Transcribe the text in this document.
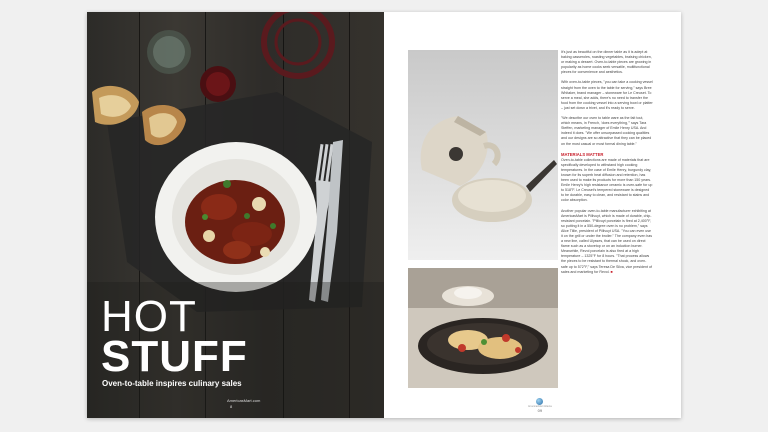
HOT
STUFF

Oven-to-table inspires culinary sales

AmericasMart.com
8

It's just as beautiful on the dinner table as it is adept at baking casseroles, roasting vegetables, braising chicken, or making a dessert. Oven-to-table pieces are growing in popularity as home cooks seek versatile, multifunctional pieces for convenience and aesthetics.

With oven-to-table pieces, "you can take a cooking vessel straight from the oven to the table for serving," says Bree Whitaker, brand manager – stoneware for Le Creuset. To serve a meal, she adds, there's no need to transfer the food from the cooking vessel into a serving bowl or platter – just set down a trivet, and it's ready to serve.

"We describe our oven to table ware as the fait tout, which means, in French, 'does everything,'" says Tara Steffen, marketing manager of Emile Henry USA. And indeed it does. "We offer unsurpassed cooking qualities and our designs are so attractive that they can be placed on the most casual or most formal dining table."

MATERIALS MATTER

Oven-to-table collections are made of materials that are specifically developed to withstand high cooking temperatures. In the case of Emile Henry, burgundy clay, known for its superb heat diffusion and retention, has been used to make its products for more than 150 years. Emile Henry's high resistance ceramic is oven-safe for up to 518°F. Le Creuset's tempered stoneware is designed to be durable, easy to clean, and resistant to stains and color absorption.

Another popular oven-to-table manufacturer exhibiting at AmericasMart is Pillivuyt, which is made of durable, chip-resistant porcelain. "Pillivuyt porcelain is fired at 2,400°F, so putting it in a 550-degree oven is no problem," says Alice Tillie, president of Pillivuyt USA. "You can even use it on the grill or under the broiler." The company even has a new line, called Ulysses, that can be used on direct flame such as a stovetop or on an induction burner. Meanwhile, Revol porcelain is also fired at a high temperature – 1325°F for 8 hours. "That process allows the pieces to be resistant to thermal shock, and oven-safe up to 572°F," says Teresa De Silva, vice president of sales and marketing for Revol. ■

AmericasMart Atlanta
09
